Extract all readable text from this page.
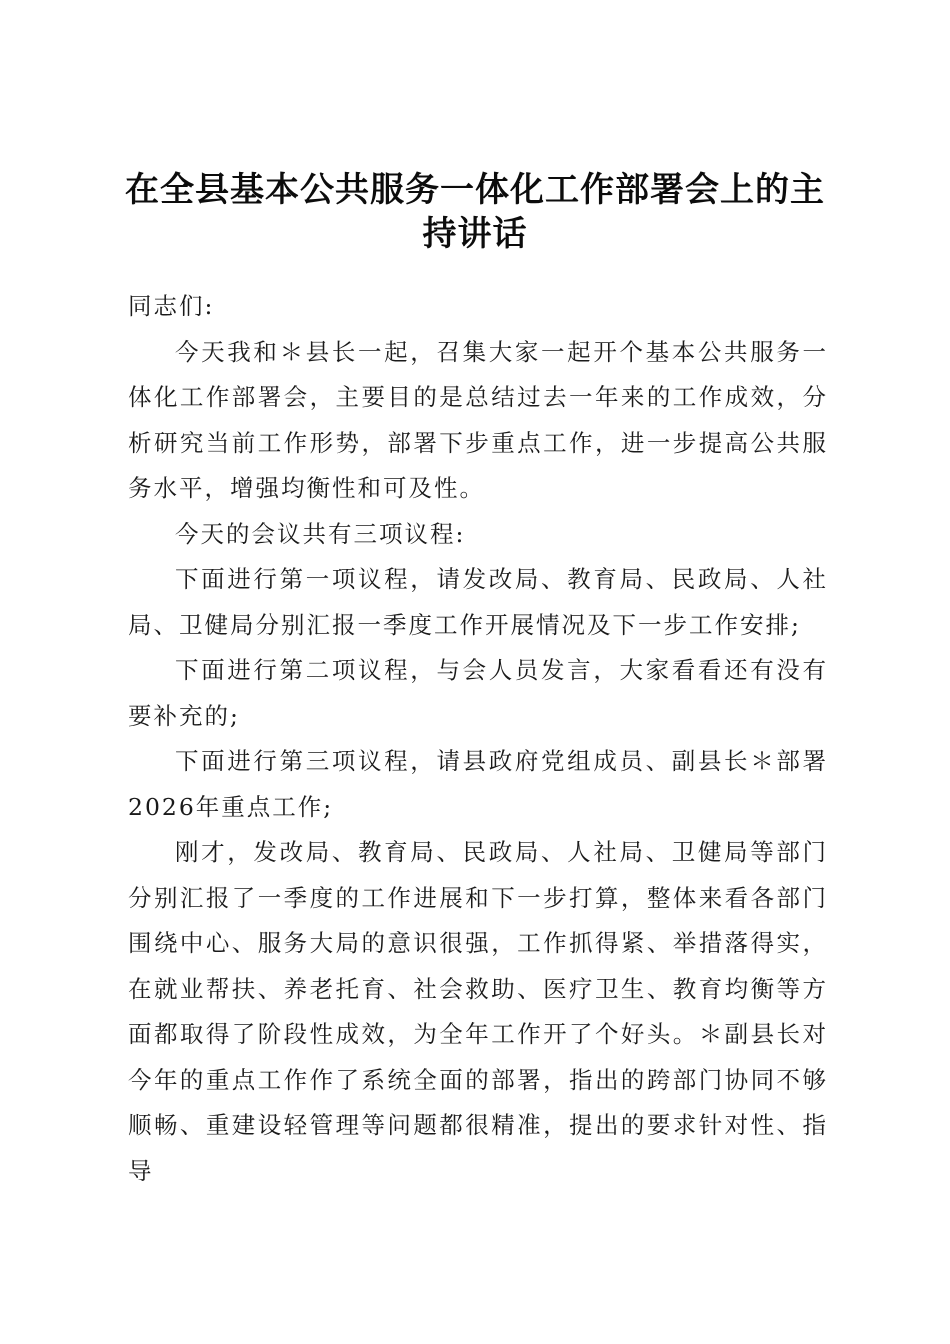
在全县基本公共服务一体化工作部署会上的主持讲话

同志们:

今天我和＊县长一起，召集大家一起开个基本公共服务一体化工作部署会，主要目的是总结过去一年来的工作成效，分析研究当前工作形势，部署下步重点工作，进一步提高公共服务水平，增强均衡性和可及性。

今天的会议共有三项议程:

下面进行第一项议程，请发改局、教育局、民政局、人社局、卫健局分别汇报一季度工作开展情况及下一步工作安排;

下面进行第二项议程，与会人员发言，大家看看还有没有要补充的;

下面进行第三项议程，请县政府党组成员、副县长＊部署2026年重点工作;

刚才，发改局、教育局、民政局、人社局、卫健局等部门分别汇报了一季度的工作进展和下一步打算，整体来看各部门围绕中心、服务大局的意识很强，工作抓得紧、举措落得实，在就业帮扶、养老托育、社会救助、医疗卫生、教育均衡等方面都取得了阶段性成效，为全年工作开了个好头。＊副县长对今年的重点工作作了系统全面的部署，指出的跨部门协同不够顺畅、重建设轻管理等问题都很精准，提出的要求针对性、指导
